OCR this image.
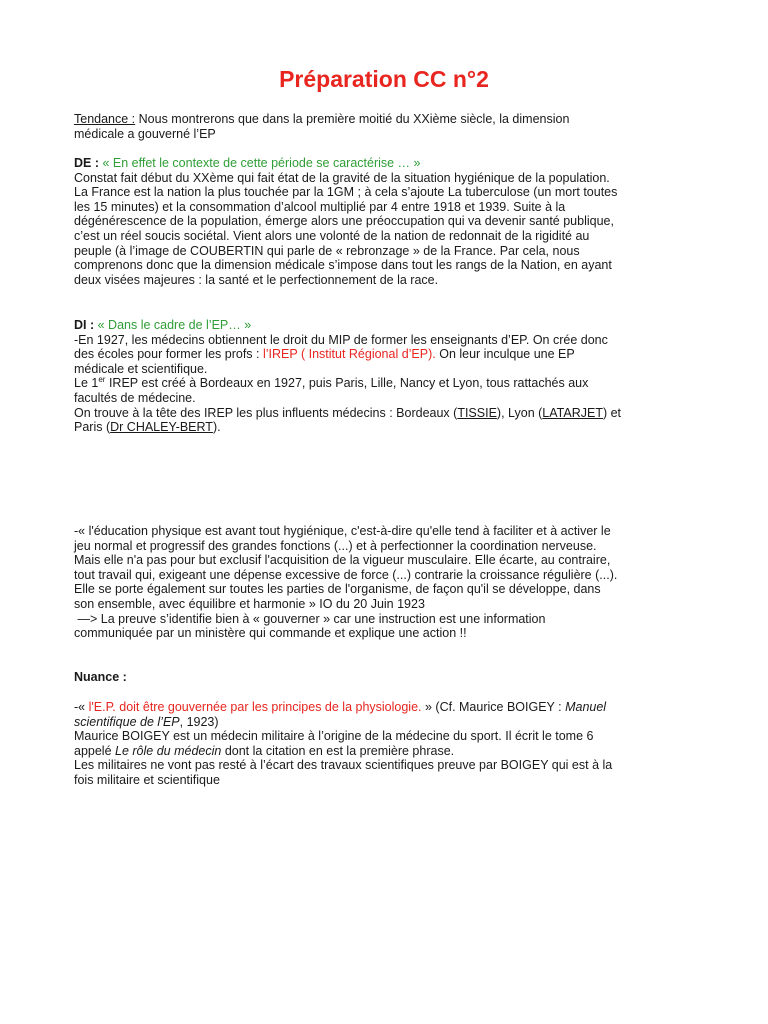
Préparation CC n°2
Tendance : Nous montrerons que dans la première moitié du XXième siècle, la dimension
médicale a gouverné l’EP
DE : « En effet le contexte de cette période se caractérise … »
Constat fait début du XXème qui fait état de la gravité de la situation hygiénique de la population.
La France est la nation la plus touchée par la 1GM ; à cela s’ajoute La tuberculose (un mort toutes
les 15 minutes) et la consommation d’alcool multiplié par 4 entre 1918 et 1939. Suite à la
dégénérescence de la population, émerge alors une préoccupation qui va devenir santé publique,
c’est un réel soucis sociétal. Vient alors une volonté de la nation de redonnait de la rigidité au
peuple (à l’image de COUBERTIN qui parle de « rebronzage » de la France. Par cela, nous
comprenons donc que la dimension médicale s’impose dans tout les rangs de la Nation, en ayant
deux visées majeures : la santé et le perfectionnement de la race.
DI : « Dans le cadre de l’EP… »
-En 1927, les médecins obtiennent le droit du MIP de former les enseignants d’EP. On crée donc
des écoles pour former les profs : l’IREP ( Institut Régional d’EP). On leur inculque une EP
médicale et scientifique.
Le 1er IREP est créé à Bordeaux en 1927, puis Paris, Lille, Nancy et Lyon, tous rattachés aux
facultés de médecine.
On trouve à la tête des IREP les plus influents médecins : Bordeaux (TISSIE), Lyon (LATARJET) et
Paris (Dr CHALEY-BERT).
-« l'éducation physique est avant tout hygiénique, c'est-à-dire qu'elle tend à faciliter et à activer le
jeu normal et progressif des grandes fonctions (...) et à perfectionner la coordination nerveuse.
Mais elle n'a pas pour but exclusif l'acquisition de la vigueur musculaire. Elle écarte, au contraire,
tout travail qui, exigeant une dépense excessive de force (...) contrarie la croissance régulière (...).
Elle se porte également sur toutes les parties de l'organisme, de façon qu'il se développe, dans
son ensemble, avec équilibre et harmonie » IO du 20 Juin 1923
—> La preuve s’identifie bien à « gouverner » car une instruction est une information
communiquée par un ministère qui commande et explique une action !!
Nuance :
-« l'E.P. doit être gouvernée par les principes de la physiologie. » (Cf. Maurice BOIGEY : Manuel
scientifique de l’EP, 1923)
Maurice BOIGEY est un médecin militaire à l’origine de la médecine du sport. Il écrit le tome 6
appelé Le rôle du médecin dont la citation en est la première phrase.
Les militaires ne vont pas resté à l’écart des travaux scientifiques preuve par BOIGEY qui est à la
fois militaire et scientifique
